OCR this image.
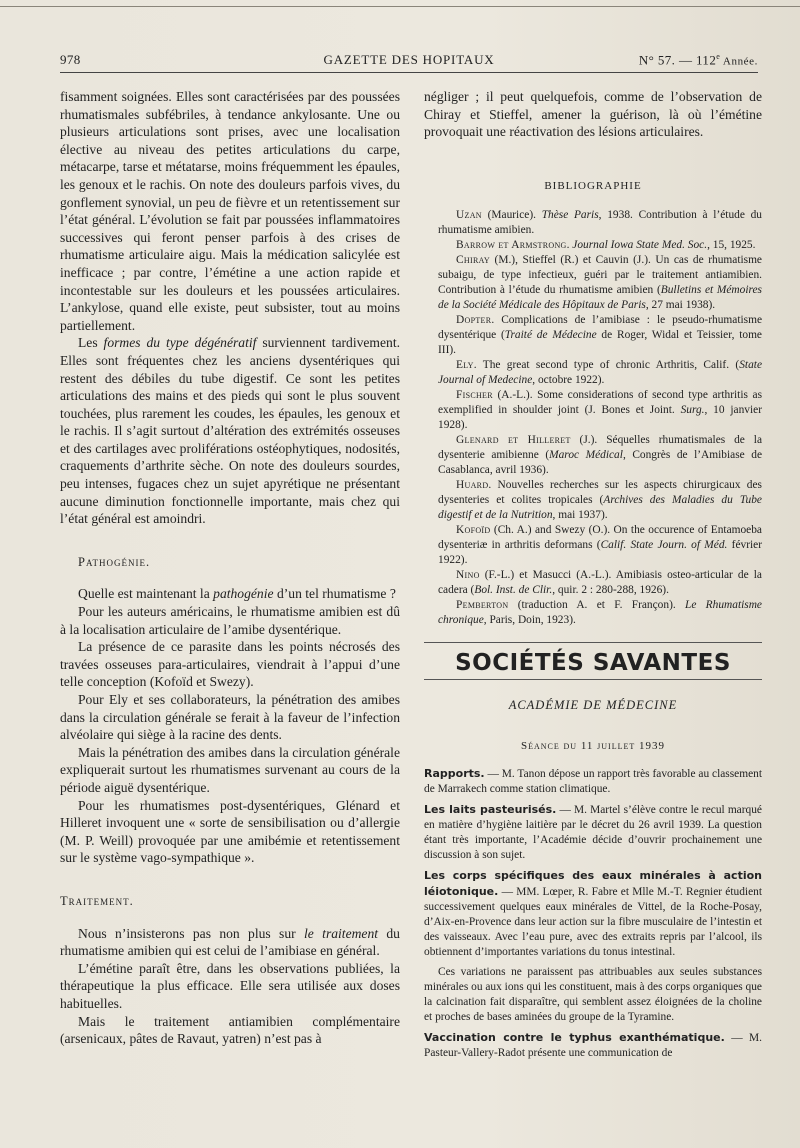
978	GAZETTE DES HOPITAUX	N° 57. — 112e Année.

fisamment soignées. Elles sont caractérisées par des poussées rhumatismales subfébriles, à tendance ankylosante. Une ou plusieurs articulations sont prises, avec une localisation élective au niveau des petites articulations du carpe, métacarpe, tarse et métatarse, moins fréquemment les épaules, les genoux et le rachis. On note des douleurs parfois vives, du gonflement synovial, un peu de fièvre et un retentissement sur l’état général. L’évolution se fait par poussées inflammatoires successives qui feront penser parfois à des crises de rhumatisme articulaire aigu. Mais la médication salicylée est inefficace ; par contre, l’émétine a une action rapide et incontestable sur les douleurs et les poussées articulaires. L’ankylose, quand elle existe, peut subsister, tout au moins partiellement.

Les formes du type dégénératif surviennent tardivement. Elles sont fréquentes chez les anciens dysentériques qui restent des débiles du tube digestif. Ce sont les petites articulations des mains et des pieds qui sont le plus souvent touchées, plus rarement les coudes, les épaules, les genoux et le rachis. Il s’agit surtout d’altération des extrémités osseuses et des cartilages avec proliférations ostéophytiques, nodosités, craquements d’arthrite sèche. On note des douleurs sourdes, peu intenses, fugaces chez un sujet apyrétique ne présentant aucune diminution fonctionnelle importante, mais chez qui l’état général est amoindri.

Pathogénie.

Quelle est maintenant la pathogénie d’un tel rhumatisme ?

Pour les auteurs américains, le rhumatisme amibien est dû à la localisation articulaire de l’amibe dysentérique.

La présence de ce parasite dans les points nécrosés des travées osseuses para-articulaires, viendrait à l’appui d’une telle conception (Kofoïd et Swezy).

Pour Ely et ses collaborateurs, la pénétration des amibes dans la circulation générale se ferait à la faveur de l’infection alvéolaire qui siège à la racine des dents.

Mais la pénétration des amibes dans la circulation générale expliquerait surtout les rhumatismes survenant au cours de la période aiguë dysentérique.

Pour les rhumatismes post-dysentériques, Glénard et Hilleret invoquent une « sorte de sensibilisation ou d’allergie (M. P. Weill) provoquée par une amibémie et retentissement sur le système vago-sympathique ».

Traitement.

Nous n’insisterons pas non plus sur le traitement du rhumatisme amibien qui est celui de l’amibiase en général.

L’émétine paraît être, dans les observations publiées, la thérapeutique la plus efficace. Elle sera utilisée aux doses habituelles.

Mais le traitement antiamibien complémentaire (arsenicaux, pâtes de Ravaut, yatren) n’est pas à

négliger ; il peut quelquefois, comme de l’observation de Chiray et Stieffel, amener la guérison, là où l’émétine provoquait une réactivation des lésions articulaires.

BIBLIOGRAPHIE

Uzan (Maurice). Thèse Paris, 1938. Contribution à l’étude du rhumatisme amibien.

Barrow et Armstrong. Journal Iowa State Med. Soc., 15, 1925.

Chiray (M.), Stieffel (R.) et Cauvin (J.). Un cas de rhumatisme subaigu, de type infectieux, guéri par le traitement antiamibien. Contribution à l’étude du rhumatisme amibien (Bulletins et Mémoires de la Société Médicale des Hôpitaux de Paris, 27 mai 1938).

Dopter. Complications de l’amibiase : le pseudo-rhumatisme dysentérique (Traité de Médecine de Roger, Widal et Teissier, tome III).

Ely. The great second type of chronic Arthritis, Calif. (State Journal of Medecine, octobre 1922).

Fischer (A.-L.). Some considerations of second type arthritis as exemplified in shoulder joint (J. Bones et Joint. Surg., 10 janvier 1928).

Glenard et Hilleret (J.). Séquelles rhumatismales de la dysenterie amibienne (Maroc Médical, Congrès de l’Amibiase de Casablanca, avril 1936).

Huard. Nouvelles recherches sur les aspects chirurgicaux des dysenteries et colites tropicales (Archives des Maladies du Tube digestif et de la Nutrition, mai 1937).

Kofoïd (Ch. A.) and Swezy (O.). On the occurence of Entamoeba dysenteriæ in arthritis deformans (Calif. State Journ. of Méd. février 1922).

Nino (F.-L.) et Masucci (A.-L.). Amibiasis osteo-articular de la cadera (Bol. Inst. de Clir., quir. 2 : 280-288, 1926).

Pemberton (traduction A. et F. Françon). Le Rhumatisme chronique, Paris, Doin, 1923).

SOCIÉTÉS SAVANTES
ACADÉMIE DE MÉDECINE
Séance du 11 juillet 1939

Rapports. — M. Tanon dépose un rapport très favorable au classement de Marrakech comme station climatique.

Les laits pasteurisés. — M. Martel s’élève contre le recul marqué en matière d’hygiène laitière par le décret du 26 avril 1939. La question étant très importante, l’Académie décide d’ouvrir prochainement une discussion à son sujet.

Les corps spécifiques des eaux minérales à action léiotonique. — MM. Lœper, R. Fabre et Mlle M.-T. Regnier étudient successivement quelques eaux minérales de Vittel, de la Roche-Posay, d’Aix-en-Provence dans leur action sur la fibre musculaire de l’intestin et des vaisseaux. Avec l’eau pure, avec des extraits repris par l’alcool, ils obtiennent d’importantes variations du tonus intestinal.

Ces variations ne paraissent pas attribuables aux seules substances minérales ou aux ions qui les constituent, mais à des corps organiques que la calcination fait disparaître, qui semblent assez éloignées de la choline et proches de bases aminées du groupe de la Tyramine.

Vaccination contre le typhus exanthématique. — M. Pasteur-Vallery-Radot présente une communication de
